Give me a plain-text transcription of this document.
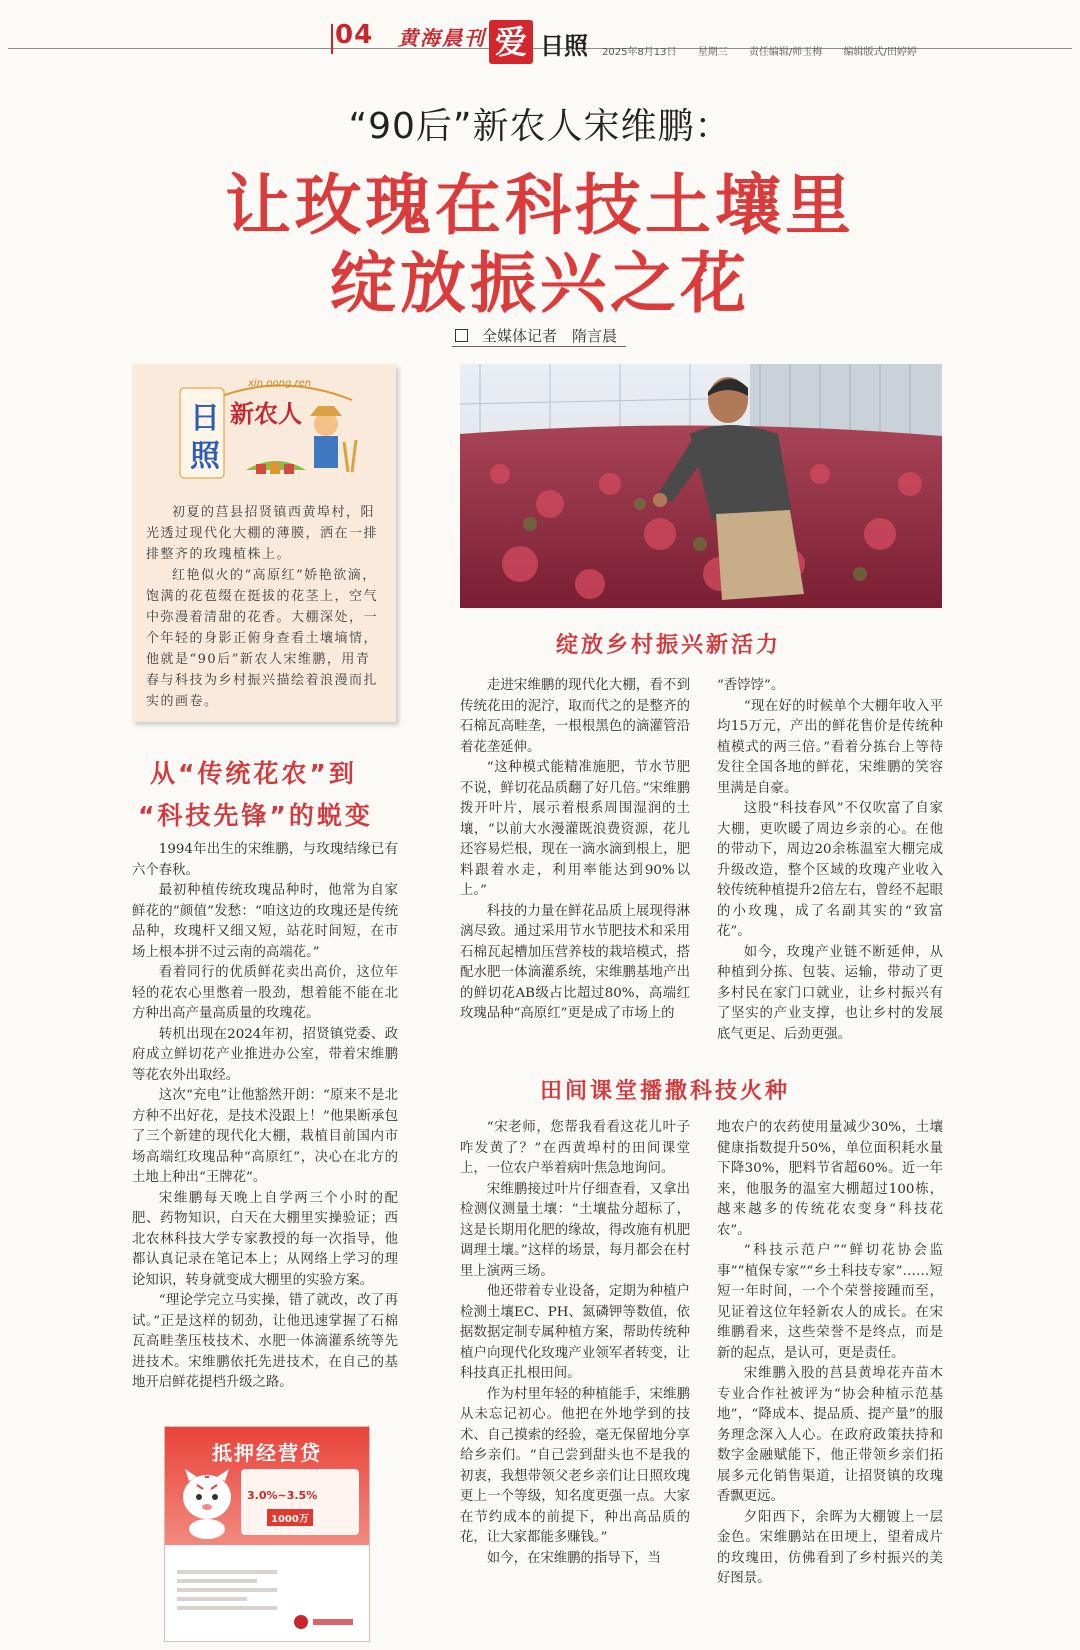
04 黄海晨刊 爱 日照 2025年8月13日 星期三 责任编辑/师玉梅 编辑版式/田婷婷
“90后”新农人宋维鹏：
让玫瑰在科技土壤里
绽放振兴之花
全媒体记者　隋言晨
xin nong ren
日
照
新农人

初夏的莒县招贤镇西黄埠村，阳光透过现代化大棚的薄膜，洒在一排排整齐的玫瑰植株上。

红艳似火的“高原红”娇艳欲滴，饱满的花苞缀在挺拔的花茎上，空气中弥漫着清甜的花香。大棚深处，一个年轻的身影正俯身查看土壤墒情，他就是“90后”新农人宋维鹏，用青春与科技为乡村振兴描绘着浪漫而扎实的画卷。

从“传统花农”到
“科技先锋”的蜕变
绽放乡村振兴新活力
田间课堂播撒科技火种

1994年出生的宋维鹏，与玫瑰结缘已有六个春秋。

最初种植传统玫瑰品种时，他常为自家鲜花的“颜值”发愁：“咱这边的玫瑰还是传统品种，玫瑰杆又细又短，站花时间短，在市场上根本拼不过云南的高端花。”

看着同行的优质鲜花卖出高价，这位年轻的花农心里憋着一股劲，想着能不能在北方种出高产量高质量的玫瑰花。

转机出现在2024年初，招贤镇党委、政府成立鲜切花产业推进办公室，带着宋维鹏等花农外出取经。

这次“充电”让他豁然开朗：“原来不是北方种不出好花，是技术没跟上！”他果断承包了三个新建的现代化大棚，栽植目前国内市场高端红玫瑰品种“高原红”，决心在北方的土地上种出“王牌花”。

宋维鹏每天晚上自学两三个小时的配肥、药物知识，白天在大棚里实操验证；西北农林科技大学专家教授的每一次指导，他都认真记录在笔记本上；从网络上学习的理论知识，转身就变成大棚里的实验方案。

“理论学完立马实操，错了就改，改了再试。”正是这样的韧劲，让他迅速掌握了石棉瓦高畦垄压枝技术、水肥一体滴灌系统等先进技术。宋维鹏依托先进技术，在自己的基地开启鲜花提档升级之路。

走进宋维鹏的现代化大棚，看不到传统花田的泥泞，取而代之的是整齐的石棉瓦高畦垄，一根根黑色的滴灌管沿着花垄延伸。

“这种模式能精准施肥，节水节肥不说，鲜切花品质翻了好几倍。”宋维鹏拨开叶片，展示着根系周围湿润的土壤，“以前大水漫灌既浪费资源，花儿还容易烂根，现在一滴水滴到根上，肥料跟着水走，利用率能达到90%以上。”

科技的力量在鲜花品质上展现得淋漓尽致。通过采用节水节肥技术和采用石棉瓦起槽加压营养枝的栽培模式，搭配水肥一体滴灌系统，宋维鹏基地产出的鲜切花AB级占比超过80%，高端红玫瑰品种“高原红”更是成了市场上的

“香饽饽”。

“现在好的时候单个大棚年收入平均15万元，产出的鲜花售价是传统种植模式的两三倍。”看着分拣台上等待发往全国各地的鲜花，宋维鹏的笑容里满是自豪。

这股“科技春风”不仅吹富了自家大棚，更吹暖了周边乡亲的心。在他的带动下，周边20余栋温室大棚完成升级改造，整个区域的玫瑰产业收入较传统种植提升2倍左右，曾经不起眼的小玫瑰，成了名副其实的“致富花”。

如今，玫瑰产业链不断延伸，从种植到分拣、包装、运输，带动了更多村民在家门口就业，让乡村振兴有了坚实的产业支撑，也让乡村的发展底气更足、后劲更强。

“宋老师，您帮我看看这花儿叶子咋发黄了？”在西黄埠村的田间课堂上，一位农户举着病叶焦急地询问。

宋维鹏接过叶片仔细查看，又拿出检测仪测量土壤：“土壤盐分超标了，这是长期用化肥的缘故，得改施有机肥调理土壤。”这样的场景，每月都会在村里上演两三场。

他还带着专业设备，定期为种植户检测土壤EC、PH、氮磷钾等数值，依据数据定制专属种植方案，帮助传统种植户向现代化玫瑰产业领军者转变，让科技真正扎根田间。

作为村里年轻的种植能手，宋维鹏从未忘记初心。他把在外地学到的技术、自己摸索的经验，毫无保留地分享给乡亲们。“自己尝到甜头也不是我的初衷，我想带领父老乡亲们让日照玫瑰更上一个等级，知名度更强一点。大家在节约成本的前提下，种出高品质的花，让大家都能多赚钱。”

如今，在宋维鹏的指导下，当

地农户的农药使用量减少30%，土壤健康指数提升50%，单位面积耗水量下降30%，肥料节省超60%。近一年来，他服务的温室大棚超过100栋，越来越多的传统花农变身“科技花农”。

“科技示范户”“鲜切花协会监事”“植保专家”“乡土科技专家”……短短一年时间，一个个荣誉接踵而至，见证着这位年轻新农人的成长。在宋维鹏看来，这些荣誉不是终点，而是新的起点，是认可，更是责任。

宋维鹏入股的莒县黄埠花卉苗木专业合作社被评为“协会种植示范基地”，“降成本、提品质、提产量”的服务理念深入人心。在政府政策扶持和数字金融赋能下，他正带领乡亲们拓展多元化销售渠道，让招贤镇的玫瑰香飘更远。

夕阳西下，余晖为大棚镀上一层金色。宋维鹏站在田埂上，望着成片的玫瑰田，仿佛看到了乡村振兴的美好图景。

抵押经营贷
3.0%~3.5%
1000万
